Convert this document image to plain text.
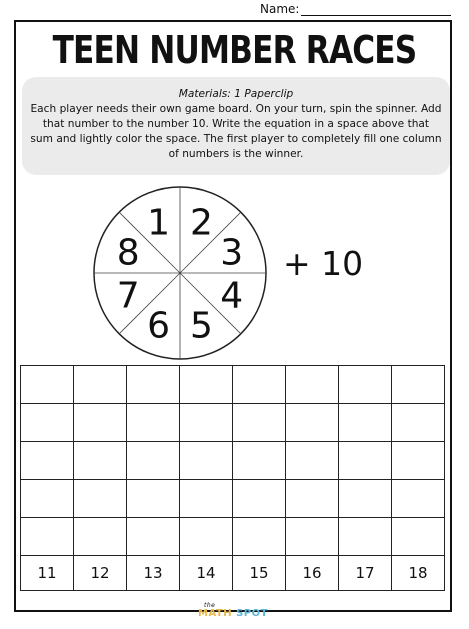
Name:
TEEN NUMBER RACES
Materials: 1 Paperclip
Each player needs their own game board. On your turn, spin the spinner. Add that number to the number 10. Write the equation in a space above that sum and lightly color the space. The first player to completely fill one column of numbers is the winner.
2
3
4
5
6
7
8
1
+ 10

11	12	13	14	15	16	17	18
the
MATH SPOT
